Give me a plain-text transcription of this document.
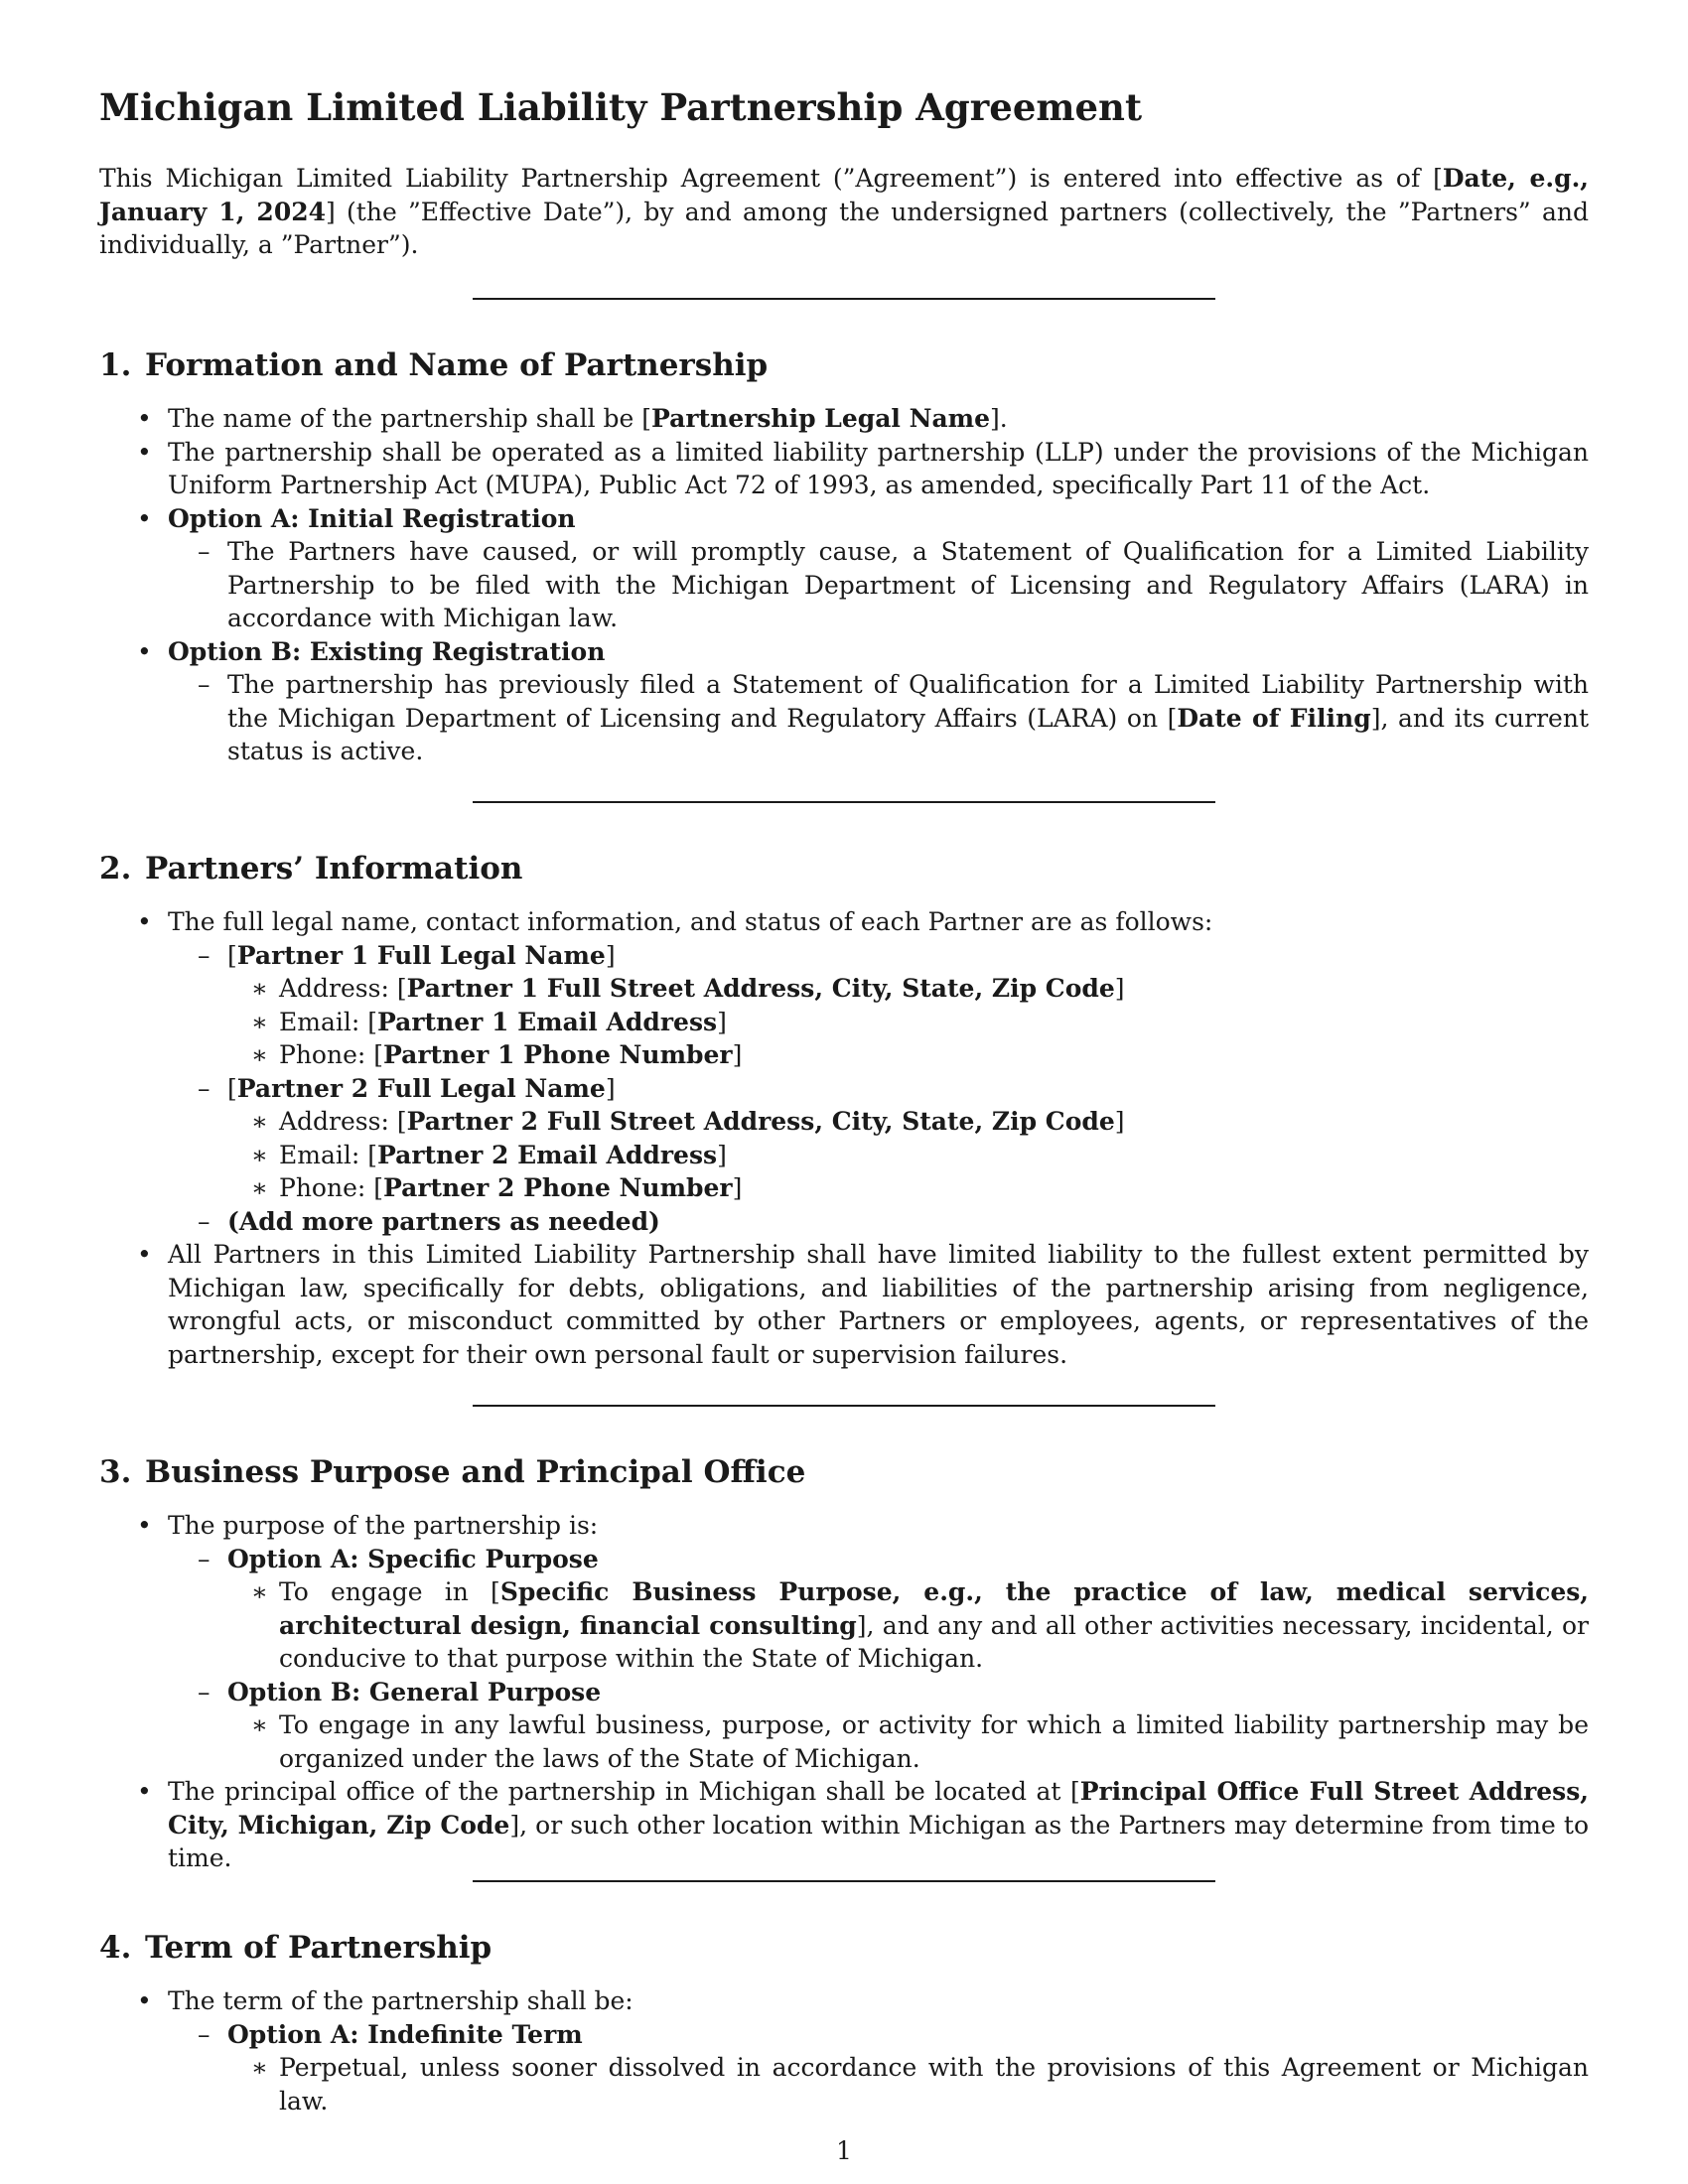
Michigan Limited Liability Partnership Agreement

This Michigan Limited Liability Partnership Agreement (”Agreement”) is entered into effective as of [Date, e.g., January 1, 2024] (the ”Effective Date”), by and among the undersigned partners (collectively, the ”Partners” and individually, a ”Partner”).

1. Formation and Name of Partnership
• The name of the partnership shall be [Partnership Legal Name].
• The partnership shall be operated as a limited liability partnership (LLP) under the provisions of the Michigan Uniform Partnership Act (MUPA), Public Act 72 of 1993, as amended, specifically Part 11 of the Act.
• Option A: Initial Registration
– The Partners have caused, or will promptly cause, a Statement of Qualification for a Limited Liability Partnership to be filed with the Michigan Department of Licensing and Regulatory Affairs (LARA) in accordance with Michigan law.
• Option B: Existing Registration
– The partnership has previously filed a Statement of Qualification for a Limited Liability Partnership with the Michigan Department of Licensing and Regulatory Affairs (LARA) on [Date of Filing], and its current status is active.
2. Partners’ Information
• The full legal name, contact information, and status of each Partner are as follows:
– [Partner 1 Full Legal Name]
∗ Address: [Partner 1 Full Street Address, City, State, Zip Code]
∗ Email: [Partner 1 Email Address]
∗ Phone: [Partner 1 Phone Number]
– [Partner 2 Full Legal Name]
∗ Address: [Partner 2 Full Street Address, City, State, Zip Code]
∗ Email: [Partner 2 Email Address]
∗ Phone: [Partner 2 Phone Number]
– (Add more partners as needed)
• All Partners in this Limited Liability Partnership shall have limited liability to the fullest extent permitted by Michigan law, specifically for debts, obligations, and liabilities of the partnership arising from negligence, wrongful acts, or misconduct committed by other Partners or employees, agents, or representatives of the partnership, except for their own personal fault or supervision failures.
3. Business Purpose and Principal Office
• The purpose of the partnership is:
– Option A: Specific Purpose
∗ To engage in [Specific Business Purpose, e.g., the practice of law, medical services, architectural design, financial consulting], and any and all other activities necessary, incidental, or conducive to that purpose within the State of Michigan.
– Option B: General Purpose
∗ To engage in any lawful business, purpose, or activity for which a limited liability partnership may be organized under the laws of the State of Michigan.
• The principal office of the partnership in Michigan shall be located at [Principal Office Full Street Address, City, Michigan, Zip Code], or such other location within Michigan as the Partners may determine from time to time.
4. Term of Partnership
• The term of the partnership shall be:
– Option A: Indefinite Term
∗ Perpetual, unless sooner dissolved in accordance with the provisions of this Agreement or Michigan law.
1
